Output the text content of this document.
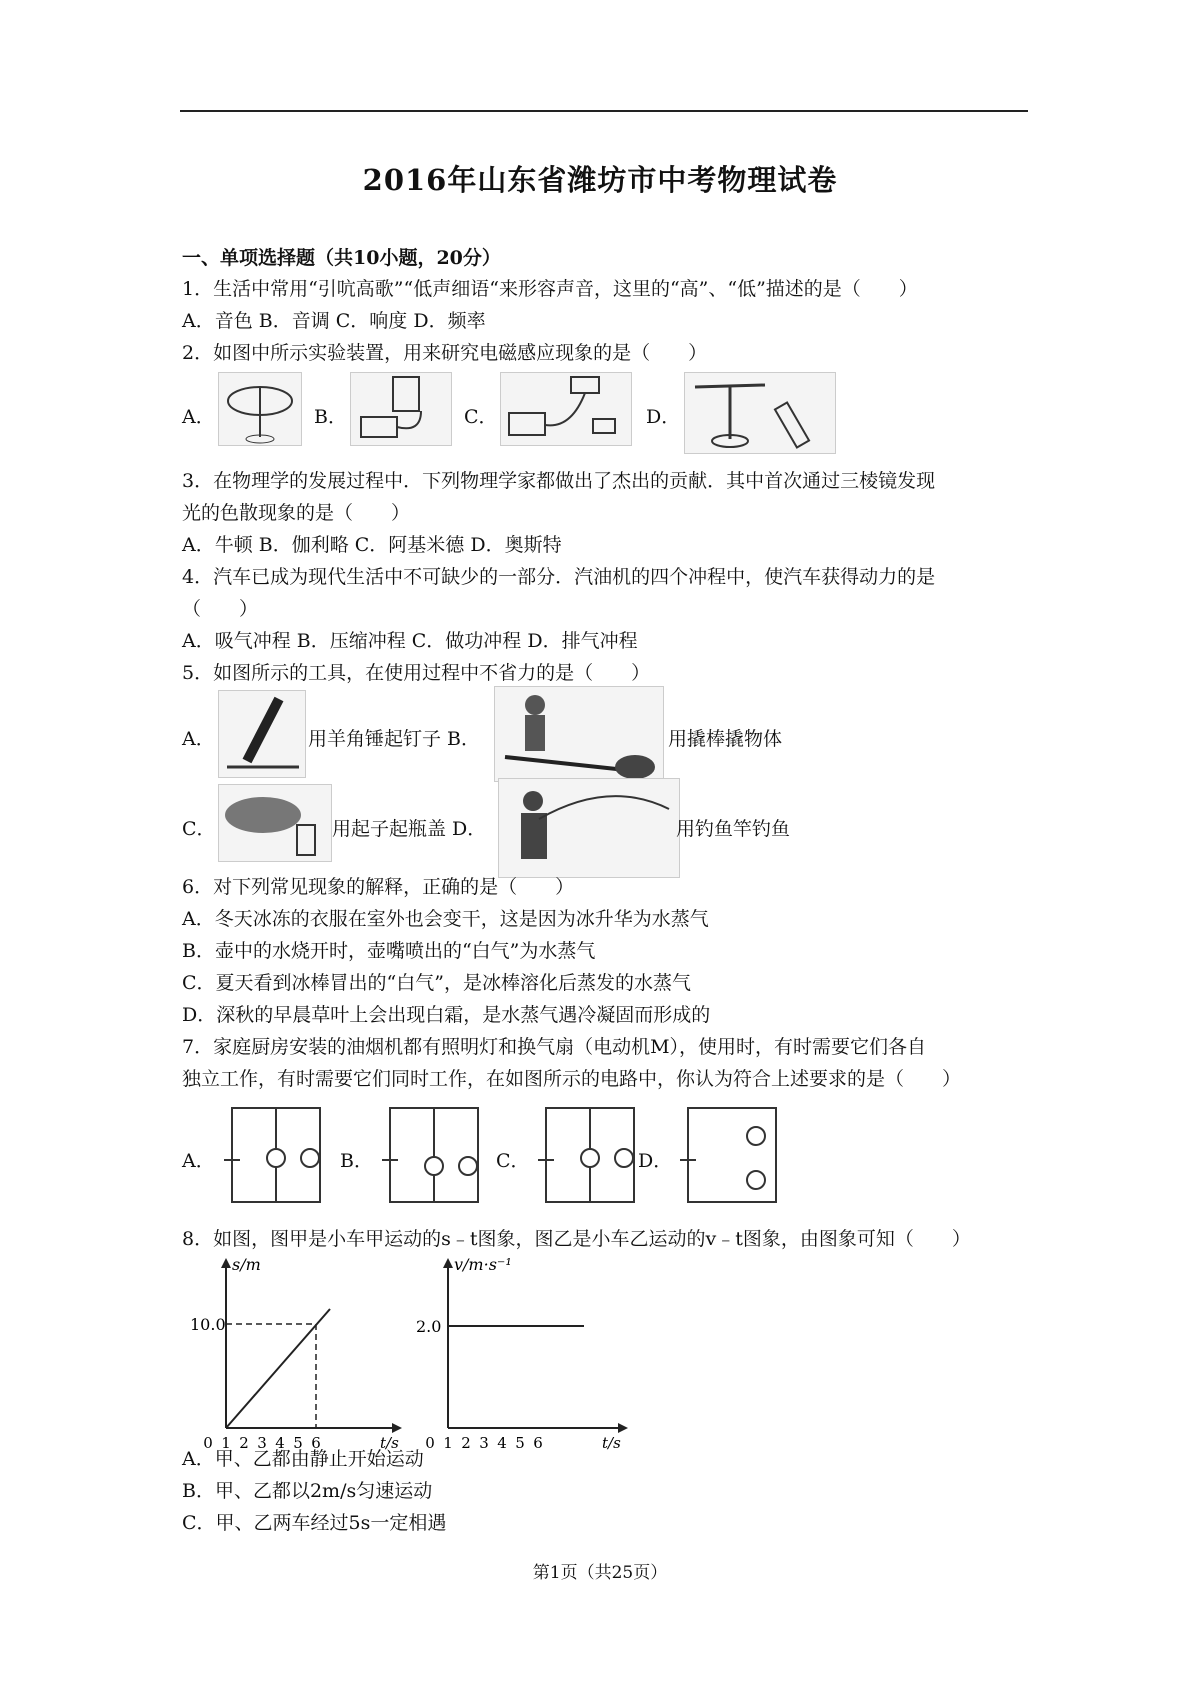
2016年山东省潍坊市中考物理试卷
一、单项选择题（共10小题，20分）
1．生活中常用“引吭高歌”“低声细语“来形容声音，这里的“高”、“低”描述的是（　　）
A．音色 B．音调 C．响度 D．频率
2．如图中所示实验装置，用来研究电磁感应现象的是（　　）
A．	B．	C．	D．
3．在物理学的发展过程中．下列物理学家都做出了杰出的贡献．其中首次通过三棱镜发现
光的色散现象的是（　　）
A．牛顿 B．伽利略 C．阿基米德 D．奥斯特
4．汽车已成为现代生活中不可缺少的一部分．汽油机的四个冲程中，使汽车获得动力的是
（　　）
A．吸气冲程 B．压缩冲程 C．做功冲程 D．排气冲程
5．如图所示的工具，在使用过程中不省力的是（　　）
A．	用羊角锤起钉子 B．	用撬棒撬物体
C．	用起子起瓶盖 D．	用钓鱼竿钓鱼
6．对下列常见现象的解释，正确的是（　　）
A．冬天冰冻的衣服在室外也会变干，这是因为冰升华为水蒸气
B．壶中的水烧开时，壶嘴喷出的“白气”为水蒸气
C．夏天看到冰棒冒出的“白气”，是冰棒溶化后蒸发的水蒸气
D．深秋的早晨草叶上会出现白霜，是水蒸气遇冷凝固而形成的
7．家庭厨房安装的油烟机都有照明灯和换气扇（电动机M），使用时，有时需要它们各自
独立工作，有时需要它们同时工作，在如图所示的电路中，你认为符合上述要求的是（　　）
A．	B．	C．	D．
8．如图，图甲是小车甲运动的s﹣t图象，图乙是小车乙运动的v﹣t图象，由图象可知（　　）
s/m
10.0
t/s
0 1 2 3 4 5 6
v/m·s⁻¹
2.0
t/s
0 1 2 3 4 5 6
A．甲、乙都由静止开始运动
B．甲、乙都以2m/s匀速运动
C．甲、乙两车经过5s一定相遇
第1页（共25页）
